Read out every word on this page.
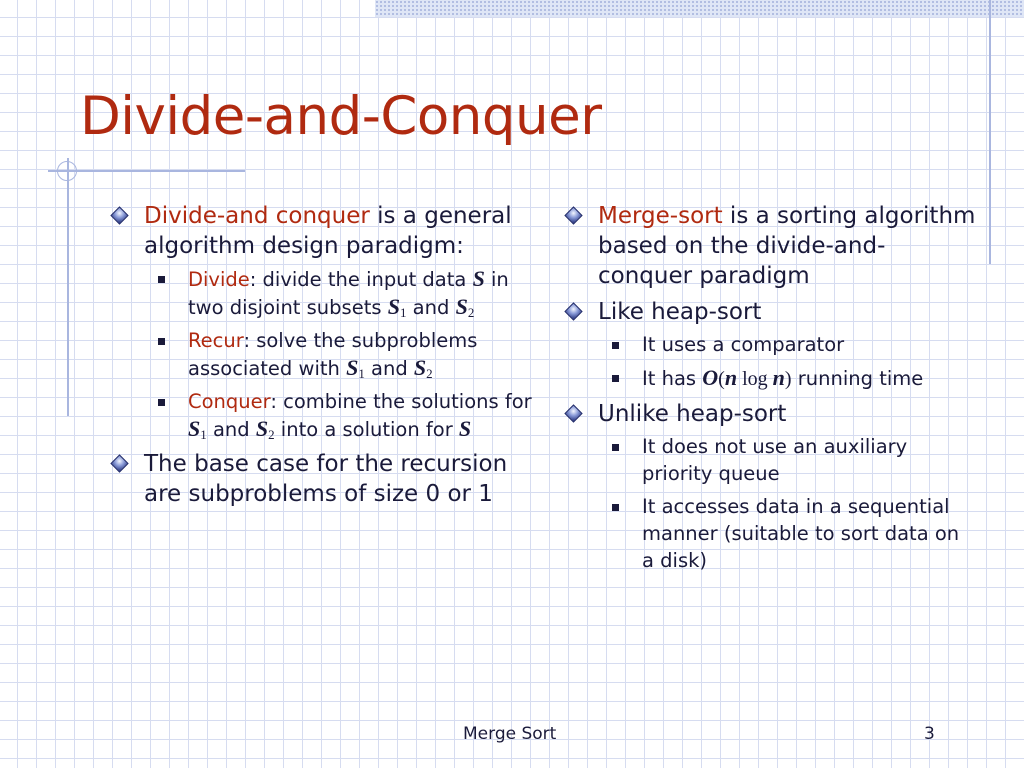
Divide-and-Conquer
Divide-and conquer is a general algorithm design paradigm:
Divide: divide the input data S in two disjoint subsets $S_1$ and $S_2$
Recur: solve the subproblems associated with $S_1$ and $S_2$
Conquer: combine the solutions for $S_1$ and $S_2$ into a solution for S
The base case for the recursion are subproblems of size 0 or 1
Merge-sort is a sorting algorithm based on the divide-and-conquer paradigm
Like heap-sort
It uses a comparator
It has O(n log n) running time
Unlike heap-sort
It does not use an auxiliary priority queue
It accesses data in a sequential manner (suitable to sort data on a disk)
Merge Sort	3
